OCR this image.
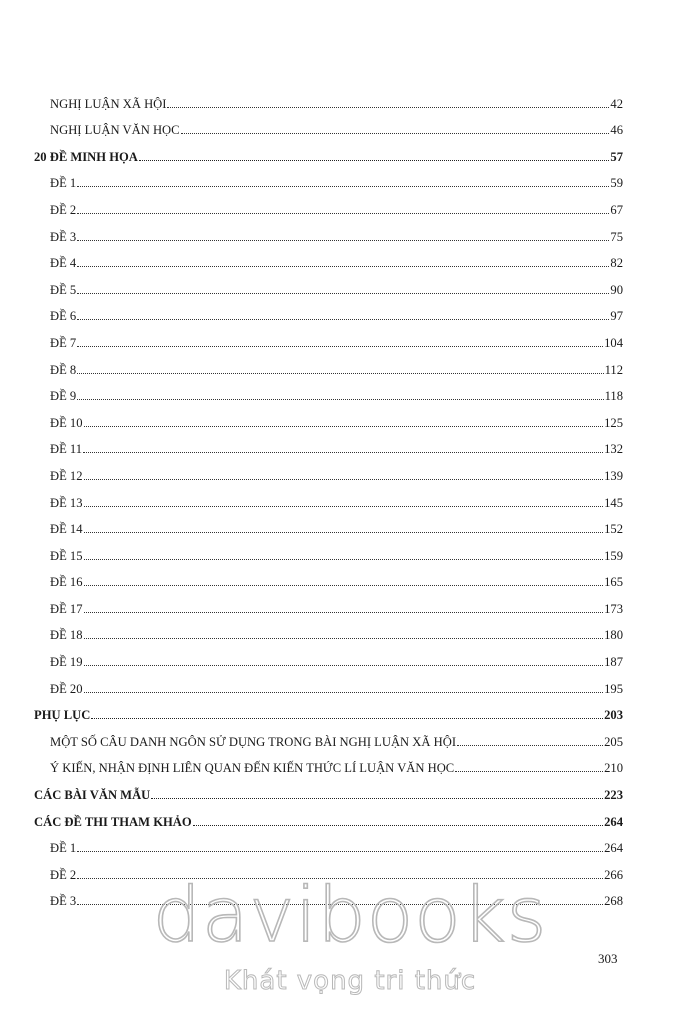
NGHỊ LUẬN XÃ HỘI	42
NGHỊ LUẬN VĂN HỌC	46
20 ĐỀ MINH HỌA	57
ĐỀ 1	59
ĐỀ 2	67
ĐỀ 3	75
ĐỀ 4	82
ĐỀ 5	90
ĐỀ 6	97
ĐỀ 7	104
ĐỀ 8	112
ĐỀ 9	118
ĐỀ 10	125
ĐỀ 11	132
ĐỀ 12	139
ĐỀ 13	145
ĐỀ 14	152
ĐỀ 15	159
ĐỀ 16	165
ĐỀ 17	173
ĐỀ 18	180
ĐỀ 19	187
ĐỀ 20	195
PHỤ LỤC	203
MỘT SỐ CÂU DANH NGÔN SỬ DỤNG TRONG BÀI NGHỊ LUẬN XÃ HỘI	205
Ý KIẾN, NHẬN ĐỊNH LIÊN QUAN ĐẾN KIẾN THỨC LÍ LUẬN VĂN HỌC	210
CÁC BÀI VĂN MẪU	223
CÁC ĐỀ THI THAM KHẢO	264
ĐỀ 1	264
ĐỀ 2	266
ĐỀ 3	268
davibooks
Khát vọng tri thức
303
